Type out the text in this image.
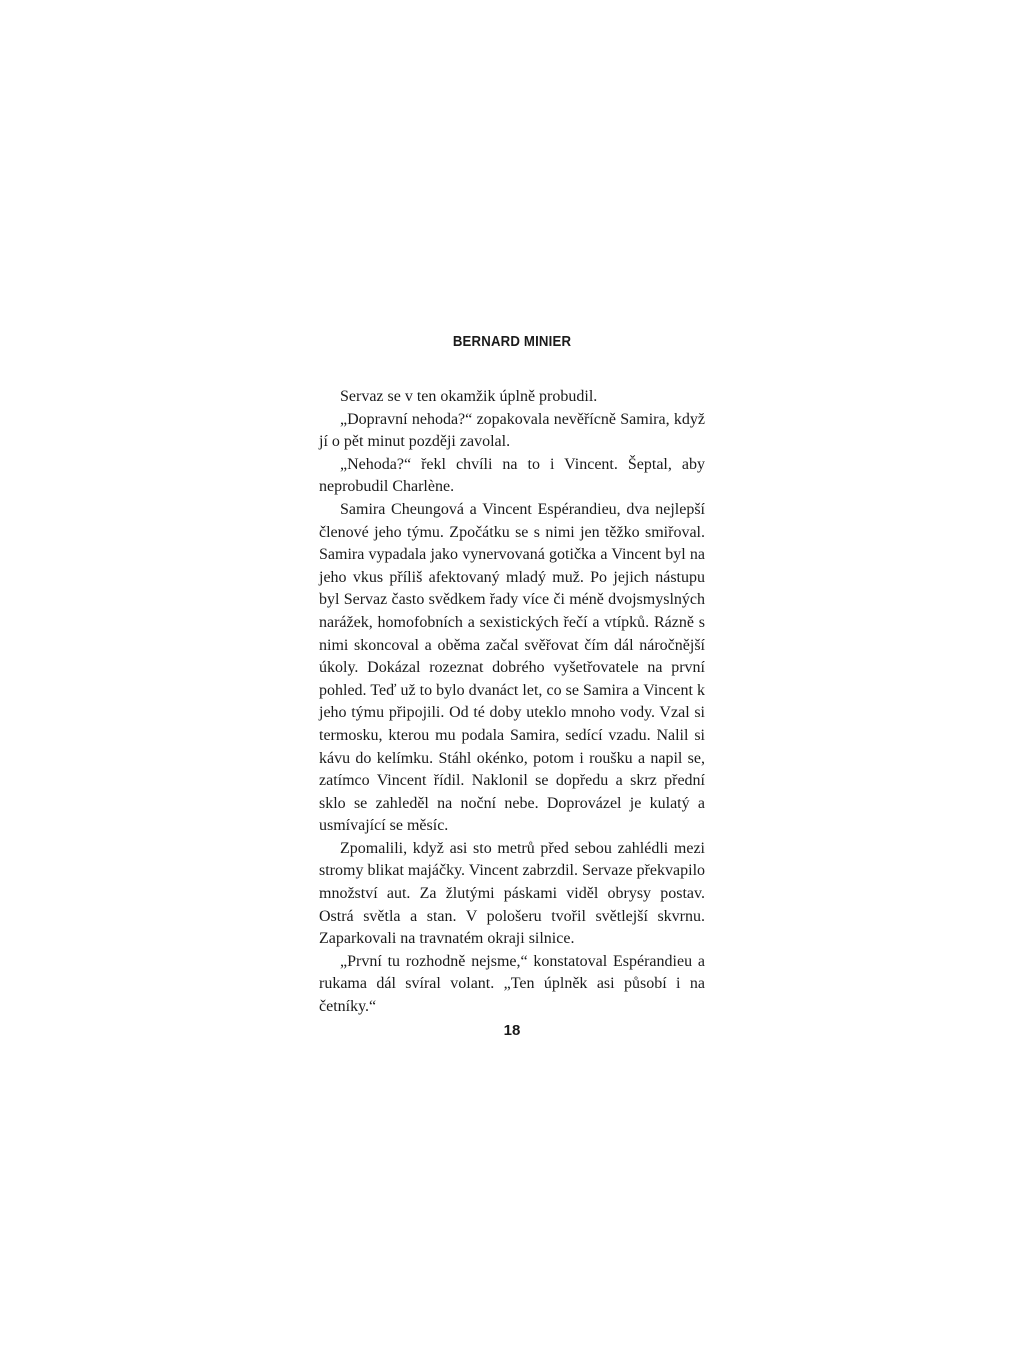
BERNARD MINIER

Servaz se v ten okamžik úplně probudil.

„Dopravní nehoda?“ zopakovala nevěřícně Samira, když jí o pět minut později zavolal.

„Nehoda?“ řekl chvíli na to i Vincent. Šeptal, aby neprobudil Charlène.

Samira Cheungová a Vincent Espérandieu, dva nejlepší členové jeho týmu. Zpočátku se s nimi jen těžko smiřoval. Samira vypadala jako vynervovaná gotička a Vincent byl na jeho vkus příliš afektovaný mladý muž. Po jejich nástupu byl Servaz často svědkem řady více či méně dvojsmyslných narážek, homofobních a sexistických řečí a vtípků. Rázně s nimi skoncoval a oběma začal svěřovat čím dál náročnější úkoly. Dokázal rozeznat dobrého vyšetřovatele na první pohled. Teď už to bylo dvanáct let, co se Samira a Vincent k jeho týmu připojili. Od té doby uteklo mnoho vody. Vzal si termosku, kterou mu podala Samira, sedící vzadu. Nalil si kávu do kelímku. Stáhl okénko, potom i roušku a napil se, zatímco Vincent řídil. Naklonil se dopředu a skrz přední sklo se zahleděl na noční nebe. Doprovázel je kulatý a usmívající se měsíc.

Zpomalili, když asi sto metrů před sebou zahlédli mezi stromy blikat majáčky. Vincent zabrzdil. Servaze překvapilo množství aut. Za žlutými páskami viděl obrysy postav. Ostrá světla a stan. V pološeru tvořil světlejší skvrnu. Zaparkovali na travnatém okraji silnice.

„První tu rozhodně nejsme,“ konstatoval Espérandieu a rukama dál svíral volant. „Ten úplněk asi působí i na četníky.“

18
